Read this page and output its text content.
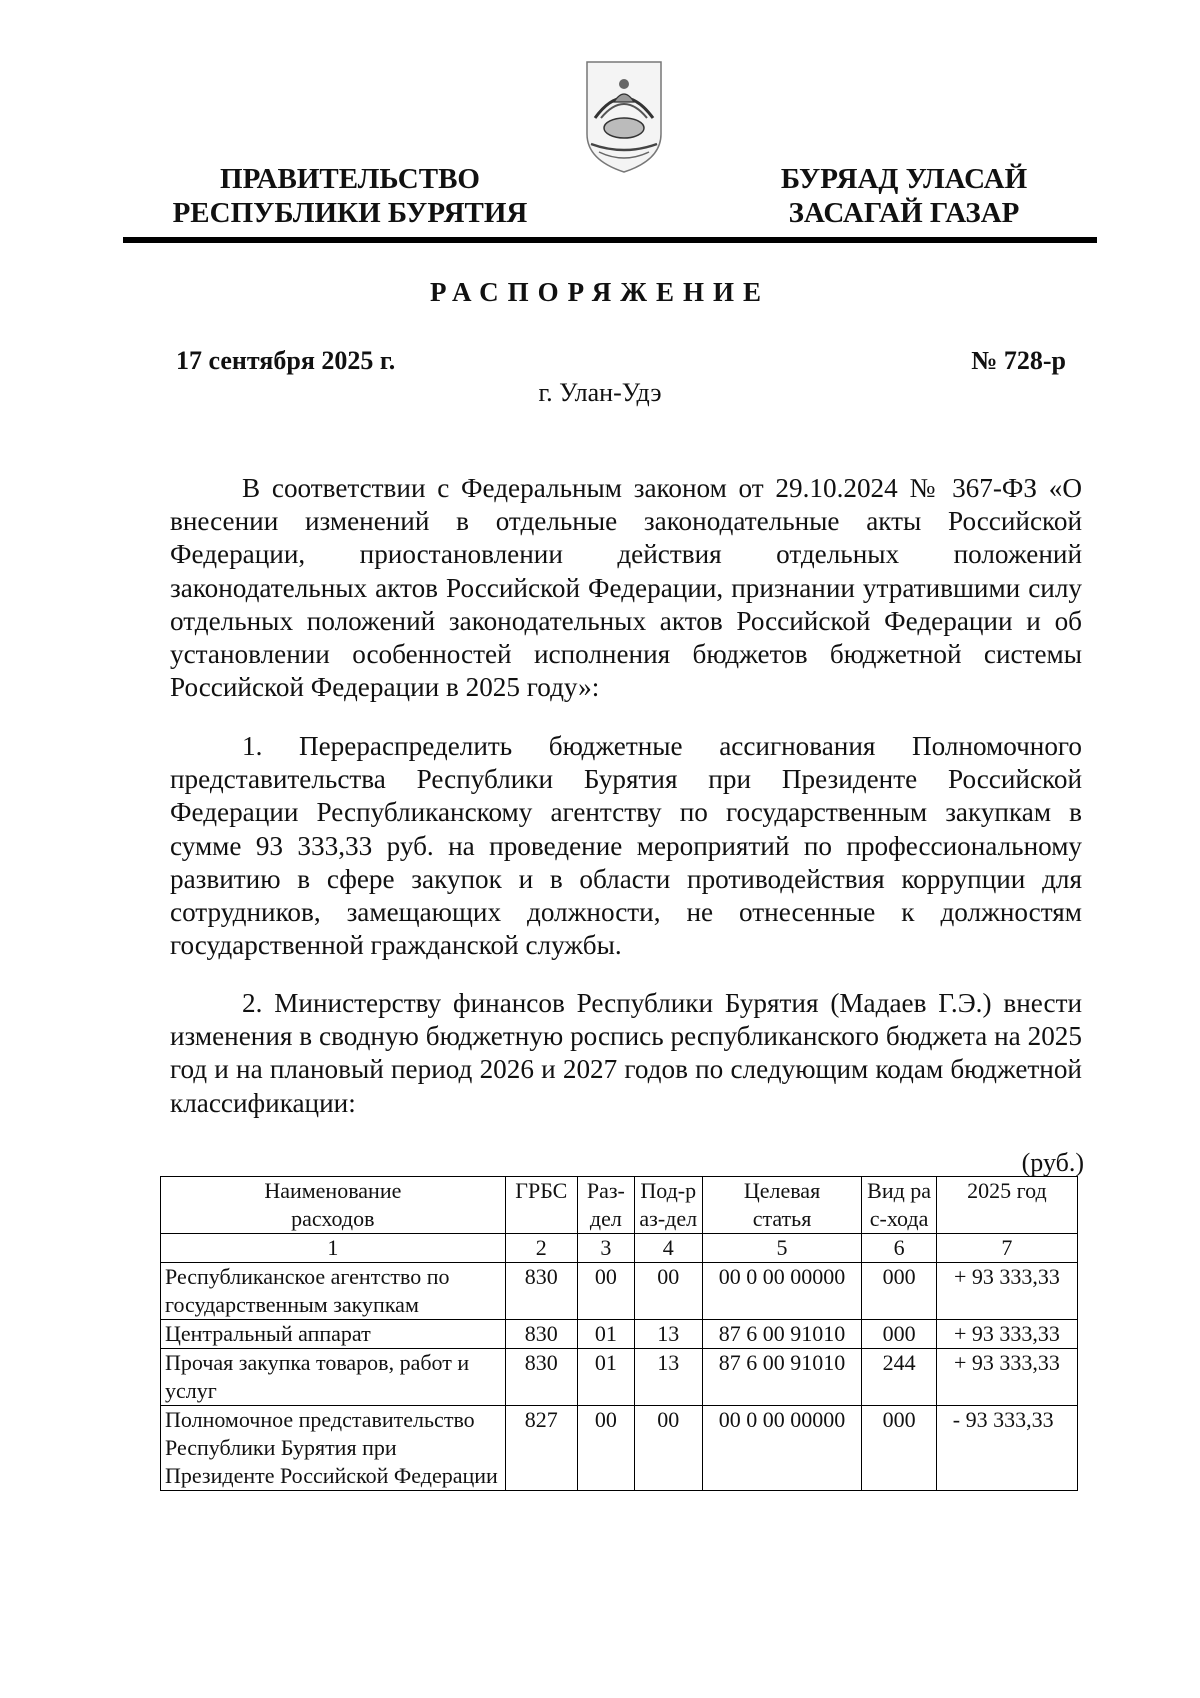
ПРАВИТЕЛЬСТВО
РЕСПУБЛИКИ БУРЯТИЯ
БУРЯАД УЛАСАЙ
ЗАСАГАЙ ГАЗАР
РАСПОРЯЖЕНИЕ
17 сентября 2025 г.	№ 728-р
г. Улан-Удэ

В соответствии с Федеральным законом от 29.10.2024 № 367-ФЗ «О внесении изменений в отдельные законодательные акты Российской Федерации, приостановлении действия отдельных положений законодательных актов Российской Федерации, признании утратившими силу отдельных положений законодательных актов Российской Федерации и об установлении особенностей исполнения бюджетов бюджетной системы Российской Федерации в 2025 году»:

1. Перераспределить бюджетные ассигнования Полномочного представительства Республики Бурятия при Президенте Российской Федерации Республиканскому агентству по государственным закупкам в сумме 93 333,33 руб. на проведение мероприятий по профессиональному развитию в сфере закупок и в области противодействия коррупции для сотрудников, замещающих должности, не отнесенные к должностям государственной гражданской службы.

2. Министерству финансов Республики Бурятия (Мадаев Г.Э.) внести изменения в сводную бюджетную роспись республиканского бюджета на 2025 год и на плановый период 2026 и 2027 годов по следующим кодам бюджетной классификации:

(руб.)
Наименование расходов	ГРБС	Раз-дел	Под-раз-дел	Целевая статья	Вид рас-хода	2025 год
1	2	3	4	5	6	7
Республиканское агентство по государственным закупкам	830	00	00	00 0 00 00000	000	+ 93 333,33
Центральный аппарат	830	01	13	87 6 00 91010	000	+ 93 333,33
Прочая закупка товаров, работ и услуг	830	01	13	87 6 00 91010	244	+ 93 333,33
Полномочное представительство Республики Бурятия при Президенте Российской Федерации	827	00	00	00 0 00 00000	000	- 93 333,33
